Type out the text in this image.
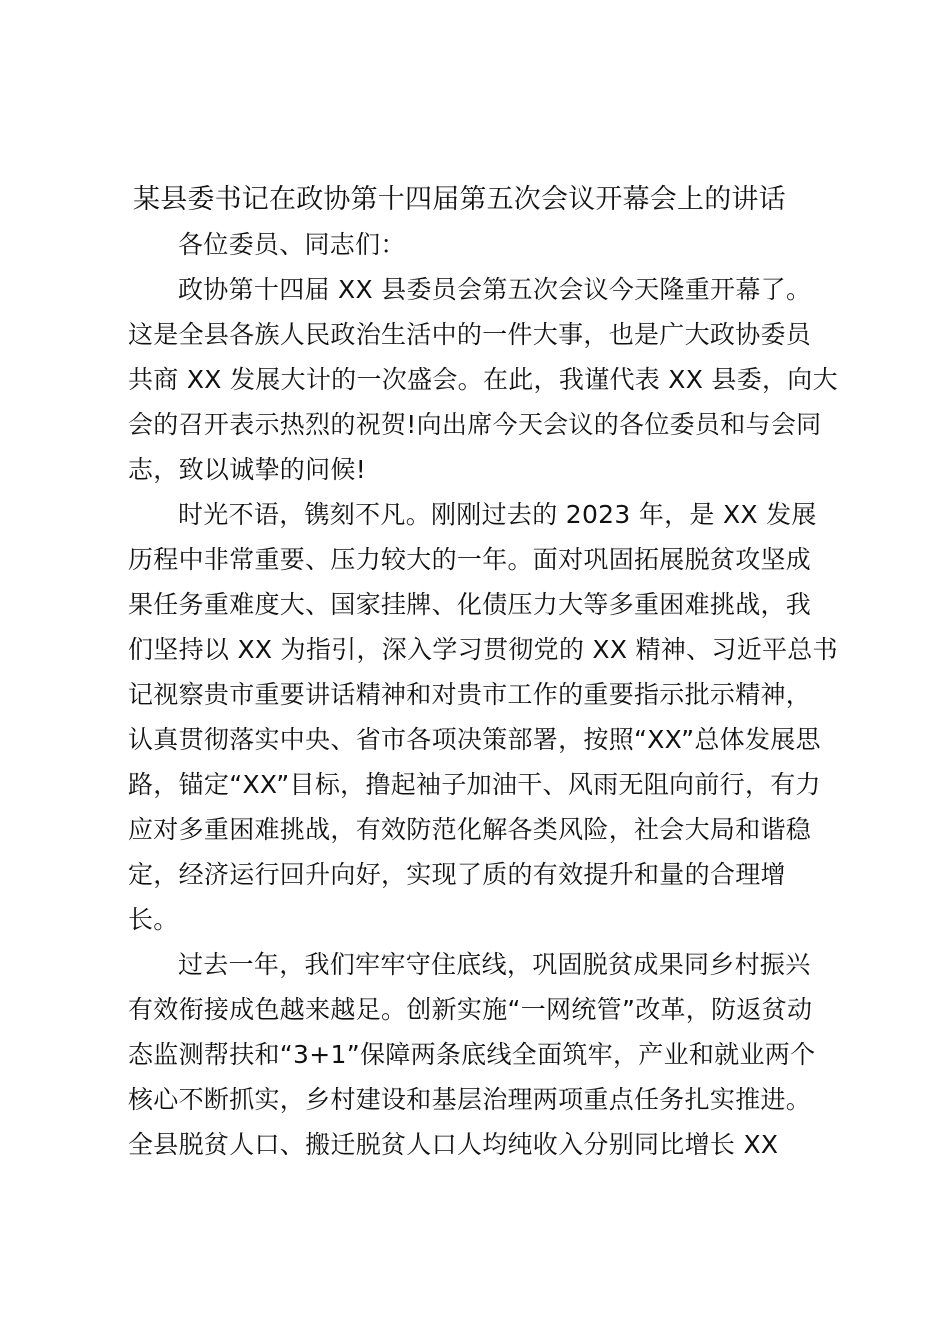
某县委书记在政协第十四届第五次会议开幕会上的讲话

各位委员、同志们：

政协第十四届 XX 县委员会第五次会议今天隆重开幕了。

这是全县各族人民政治生活中的一件大事，也是广大政协委员

共商 XX 发展大计的一次盛会。在此，我谨代表 XX 县委，向大

会的召开表示热烈的祝贺!向出席今天会议的各位委员和与会同

志，致以诚挚的问候!

时光不语，镌刻不凡。刚刚过去的 2023 年，是 XX 发展

历程中非常重要、压力较大的一年。面对巩固拓展脱贫攻坚成

果任务重难度大、国家挂牌、化债压力大等多重困难挑战，我

们坚持以 XX 为指引，深入学习贯彻党的 XX 精神、习近平总书

记视察贵市重要讲话精神和对贵市工作的重要指示批示精神，

认真贯彻落实中央、省市各项决策部署，按照“XX”总体发展思

路，锚定“XX”目标，撸起袖子加油干、风雨无阻向前行，有力

应对多重困难挑战，有效防范化解各类风险，社会大局和谐稳

定，经济运行回升向好，实现了质的有效提升和量的合理增

长。

过去一年，我们牢牢守住底线，巩固脱贫成果同乡村振兴

有效衔接成色越来越足。创新实施“一网统管”改革，防返贫动

态监测帮扶和“3+1”保障两条底线全面筑牢，产业和就业两个

核心不断抓实，乡村建设和基层治理两项重点任务扎实推进。

全县脱贫人口、搬迁脱贫人口人均纯收入分别同比增长 XX
